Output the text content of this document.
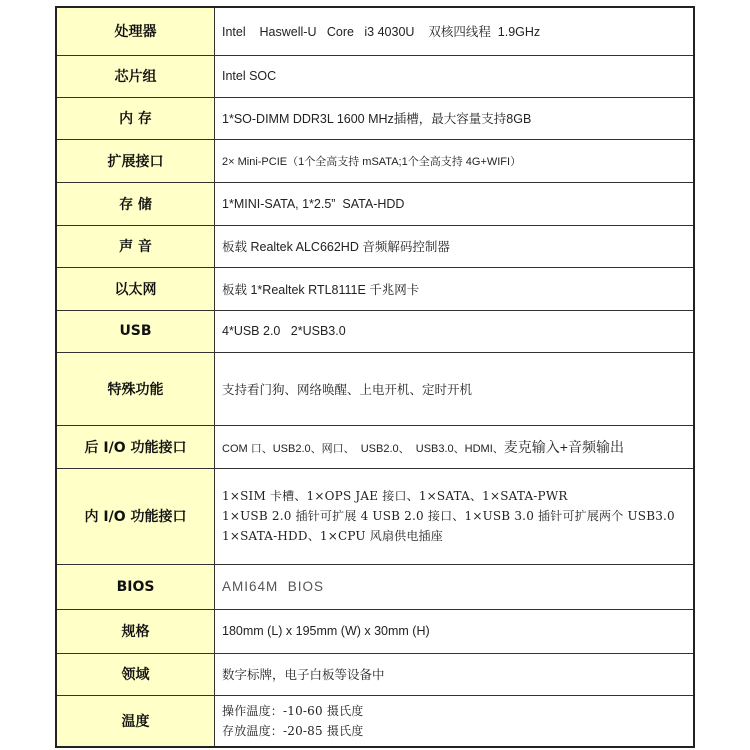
处理器	Intel    Haswell-U   Core   i3 4030U    双核四线程  1.9GHz
芯片组	Intel SOC
内 存	1*SO-DIMM DDR3L 1600 MHz插槽，最大容量支持8GB
扩展接口	2× Mini-PCIE（1个全高支持 mSATA;1个全高支持 4G+WIFI）
存 储	1*MINI-SATA, 1*2.5”  SATA-HDD
声 音	板载 Realtek ALC662HD 音频解码控制器
以太网	板载 1*Realtek RTL8111E 千兆网卡
USB	4*USB 2.0   2*USB3.0
特殊功能	支持看门狗、网络唤醒、上电开机、定时开机
后 I/O 功能接口	COM 口、USB2.0、网口、  USB2.0、  USB3.0、HDMI、麦克输入+音频输出
内 I/O 功能接口	1×SIM 卡槽、1×OPS JAE 接口、1×SATA、1×SATA-PWR
1×USB 2.0 插针可扩展 4 USB 2.0 接口、1×USB 3.0 插针可扩展两个 USB3.0
1×SATA-HDD、1×CPU 风扇供电插座

BIOS	AMI64M  BIOS
规格	180mm (L) x 195mm (W) x 30mm (H)
领域	数字标牌，电子白板等设备中
温度	操作温度：-10-60 摄氏度
存放温度：-20-85 摄氏度
